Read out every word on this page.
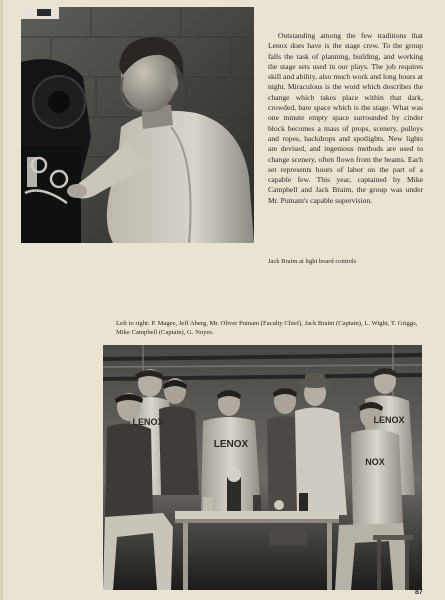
Outstanding among the few traditions that Lenox does have is the stage crew. To the group falls the task of planning, building, and working the stage sets used in our plays. The job requires skill and ability, also much work and long hours at night. Miraculous is the word which describes the change which takes place within that dark, crowded, bare space which is the stage. What was one minute empty space surrounded by cinder block becomes a mass of props, scenery, pulleys and ropes, backdrops and spotlights. New lights are devised, and ingenious methods are used to change scenery, often flown from the beams. Each set represents hours of labor on the part of a capable few. This year, captained by Mike Campbell and Jack Braim, the group was under Mr. Putnam's capable supervision.

Jack Braim at light board controls

Left to right: P. Magee, Jeff Aberg, Mr. Oliver Putnam (Faculty Chief), Jack Braim (Captain), L. Wight, T. Griggs, Mike Campbell (Captain), G. Noyes.

LENOX
LENOX
LENOX
NOX
87
